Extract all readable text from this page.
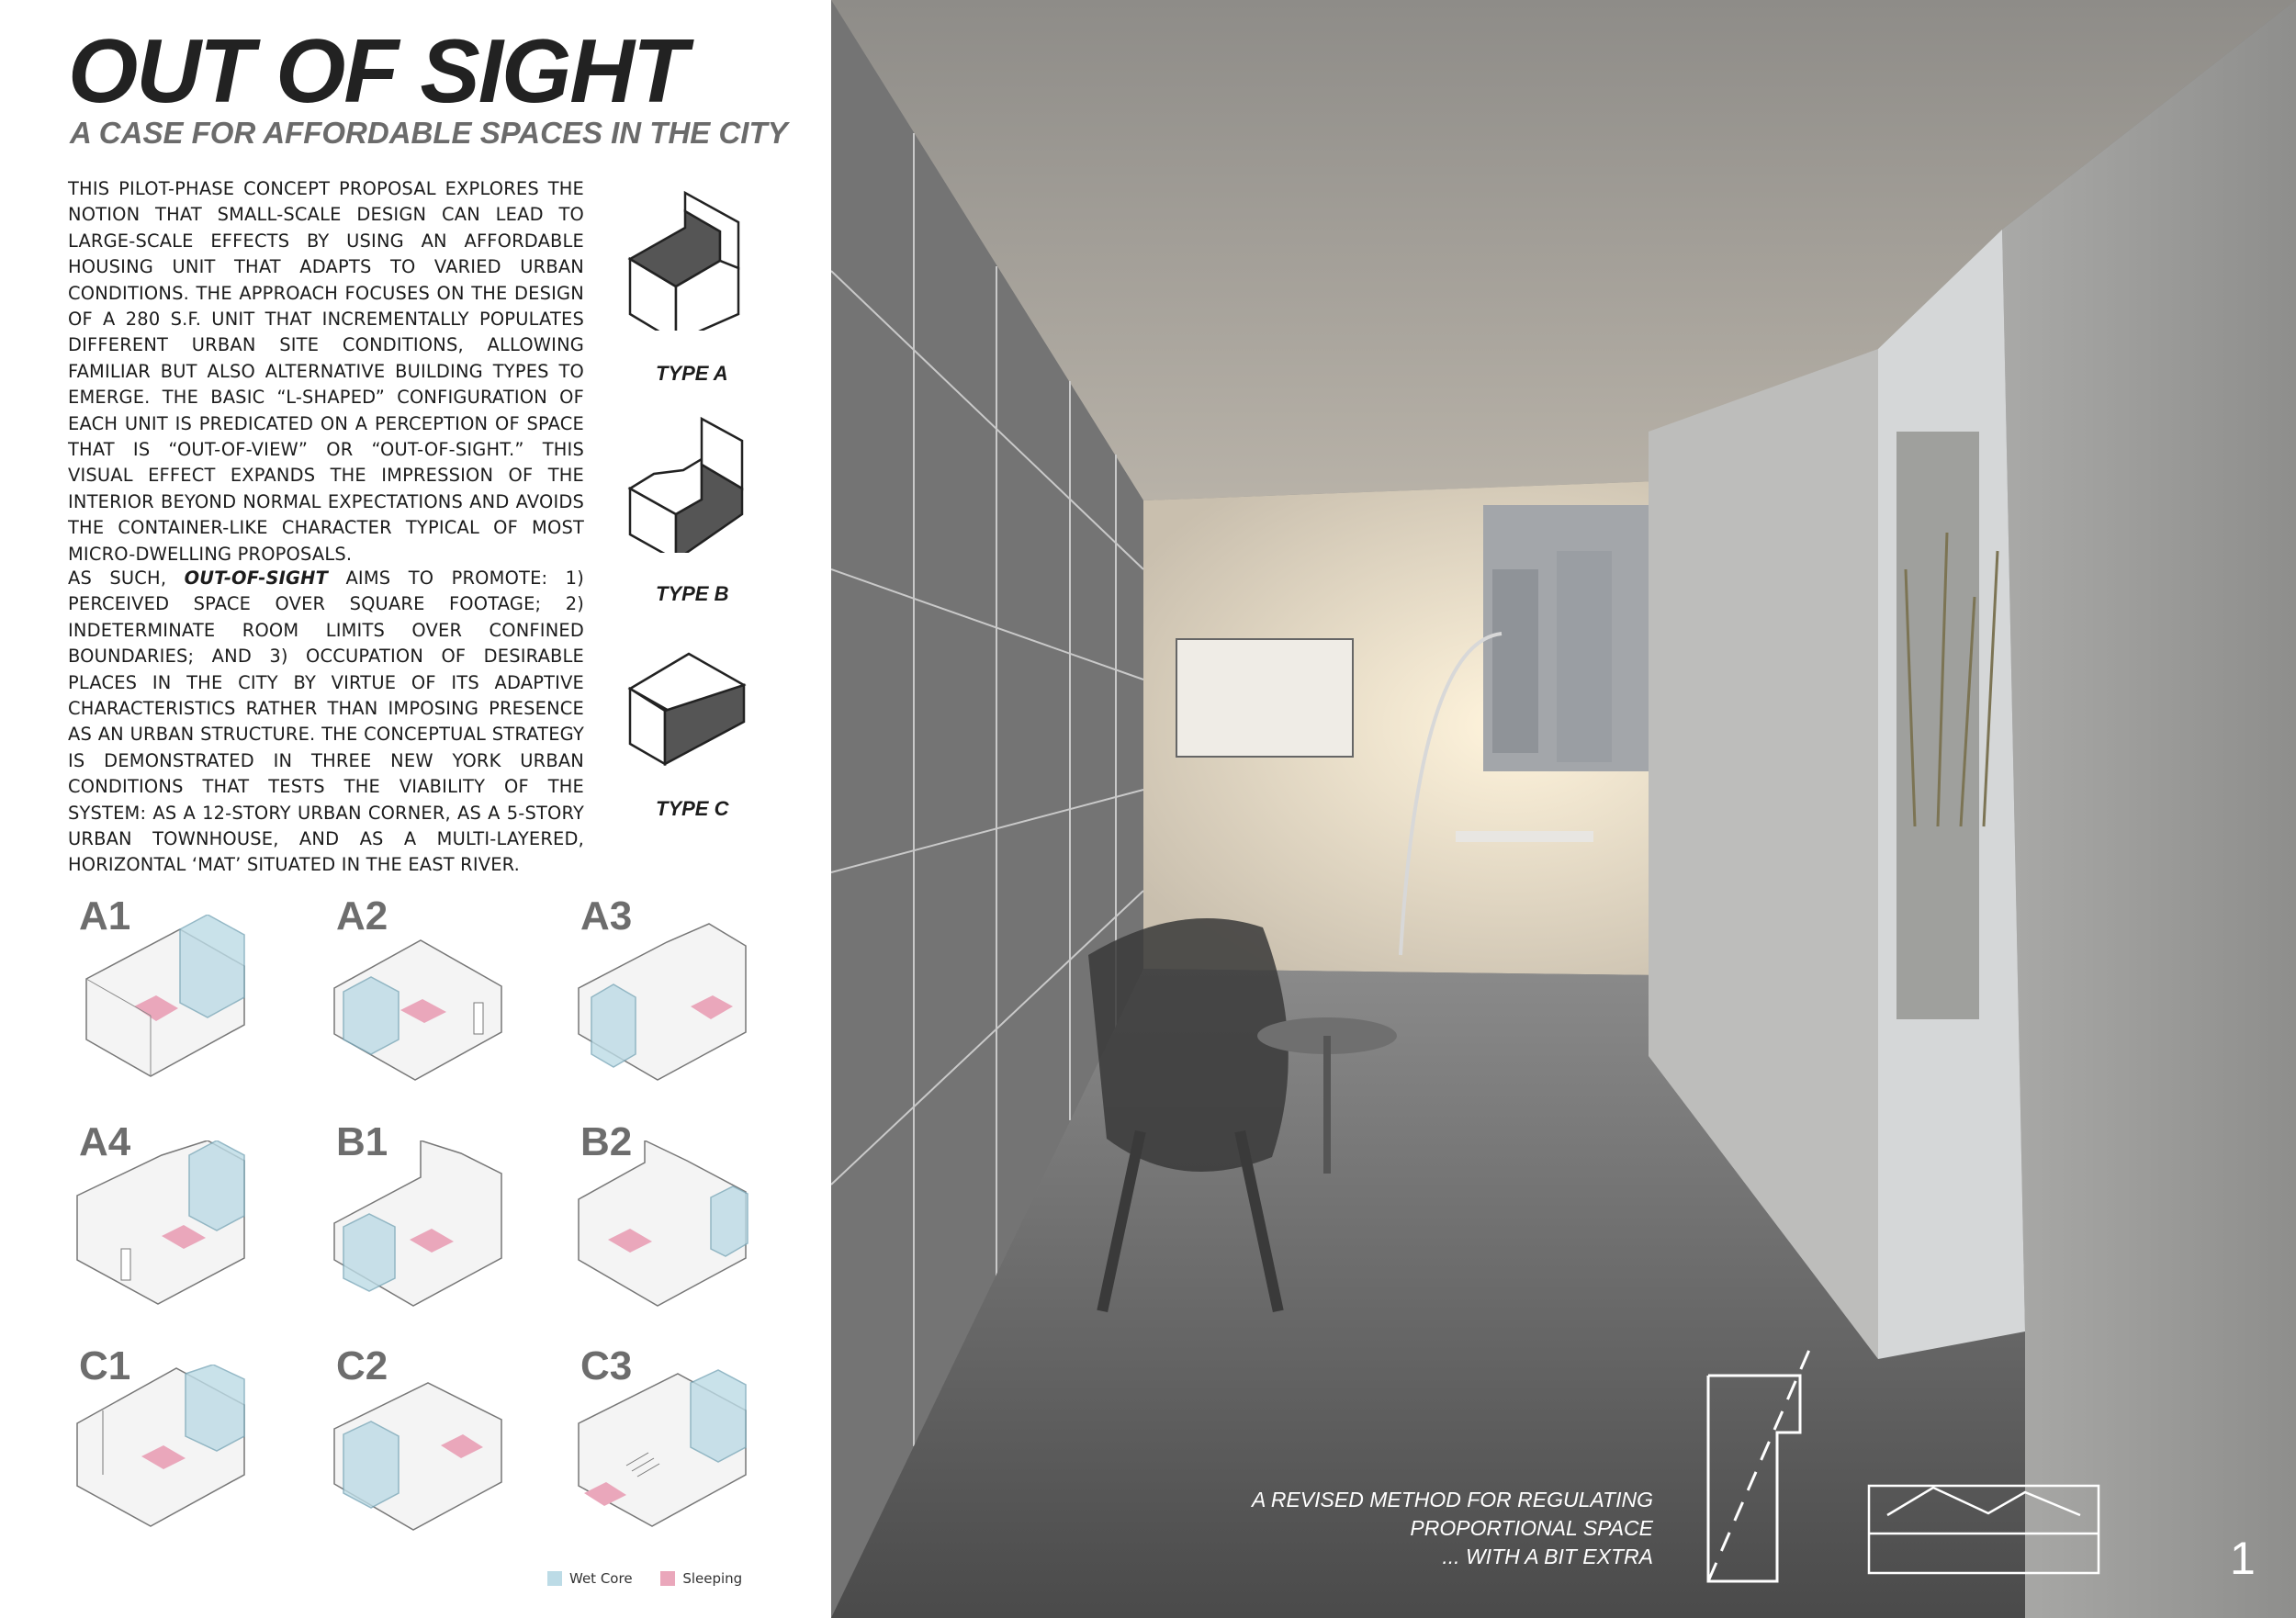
OUT OF SIGHT
A CASE FOR AFFORDABLE SPACES IN THE CITY

THIS PILOT-PHASE CONCEPT PROPOSAL EXPLORES THE NOTION THAT SMALL-SCALE DESIGN CAN LEAD TO LARGE-SCALE EFFECTS BY USING AN AFFORDABLE HOUSING UNIT THAT ADAPTS TO VARIED URBAN CONDITIONS. THE APPROACH FOCUSES ON THE DESIGN OF A 280 S.F. UNIT THAT INCREMENTALLY POPULATES DIFFERENT URBAN SITE CONDITIONS, ALLOWING FAMILIAR BUT ALSO ALTERNATIVE BUILDING TYPES TO EMERGE. THE BASIC “L-SHAPED” CONFIGURATION OF EACH UNIT IS PREDICATED ON A PERCEPTION OF SPACE THAT IS “OUT-OF-VIEW” OR “OUT-OF-SIGHT.” THIS VISUAL EFFECT EXPANDS THE IMPRESSION OF THE INTERIOR BEYOND NORMAL EXPECTATIONS AND AVOIDS THE CONTAINER-LIKE CHARACTER TYPICAL OF MOST MICRO-DWELLING PROPOSALS.

AS SUCH, OUT-OF-SIGHT AIMS TO PROMOTE: 1) PERCEIVED SPACE OVER SQUARE FOOTAGE; 2) INDETERMINATE ROOM LIMITS OVER CONFINED BOUNDARIES; AND 3) OCCUPATION OF DESIRABLE PLACES IN THE CITY BY VIRTUE OF ITS ADAPTIVE CHARACTERISTICS RATHER THAN IMPOSING PRESENCE AS AN URBAN STRUCTURE. THE CONCEPTUAL STRATEGY IS DEMONSTRATED IN THREE NEW YORK URBAN CONDITIONS THAT TESTS THE VIABILITY OF THE SYSTEM: AS A 12-STORY URBAN CORNER, AS A 5-STORY URBAN TOWNHOUSE, AND AS A MULTI-LAYERED, HORIZONTAL ‘MAT’ SITUATED IN THE EAST RIVER.

TYPE A
TYPE B
TYPE C
A1	A2	A3
A4	B1	B2
C1	C2	C3
Wet Core	Sleeping
A REVISED METHOD FOR REGULATING
PROPORTIONAL SPACE
... WITH A BIT EXTRA	1
